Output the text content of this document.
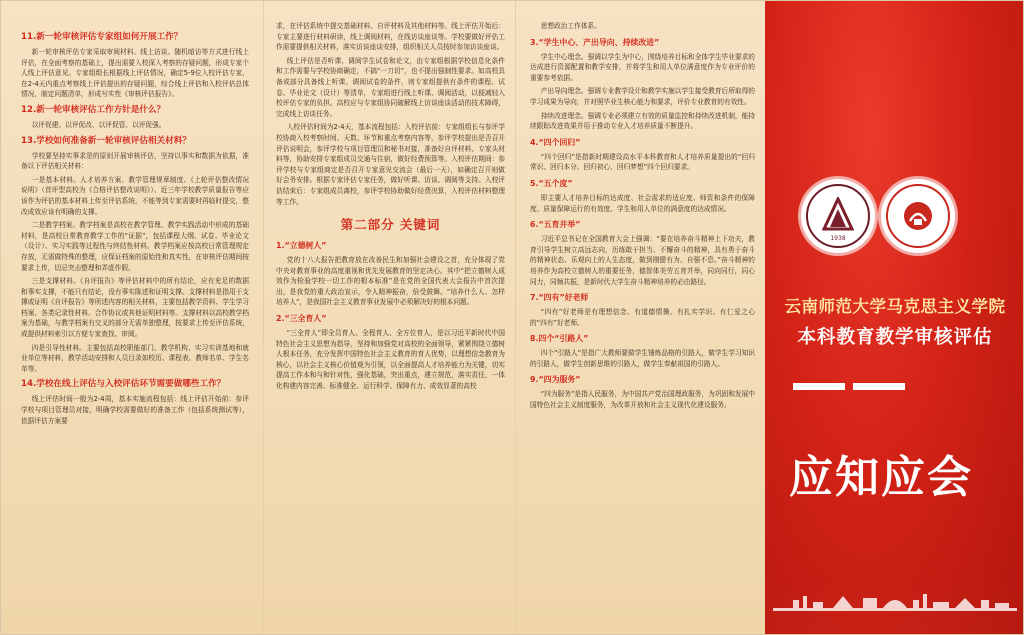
11.新一轮审核评估专家组如何开展工作？

新一轮审核评估专家采取审阅材料、线上访谈、随机暗访等方式进行线上评估，在全面考察的基础上，提出需要入校深入考察的存疑问题，形成专家个人线上评估意见。专家组组长根据线上评估情况，确定5-9位入校评估专家，在2-4天内重点考察线上评估提出的存疑问题，综合线上评估和入校评估总体情况，制定问题清单，形成写实性《审核评估报告》。

12.新一轮审核评估工作方针是什么？

以评促建、以评促改、以评促管、以评促强。

13.学校如何准备新一轮审核评估相关材料？

学校要坚持实事求是的原则开展审核评估，坚持以事实和数据为依据，准备以下评估相关材料：

一是基本材料。人才培养方案、教学管理规章制度、《上轮评估整改情况说明》（首评型高校为《合格评估整改说明》）、近三年学校教学质量报告等应该作为评估的基本材料上传至评估系统，不能等到专家需要时再临时提交，整改成效应该有明确的支撑。

二是教学档案。教学档案是高校在教学管理、教学实践活动中形成的基础材料，是高校日常教育教学工作的“证据”，包括课程大纲、试卷、毕业论文（设计）、实习实践等过程性与终结性材料。教学档案应按高校日常管理规定存放，无需做特殊的整理，应保证档案的原始性和真实性，在审核评估期间按要求上传，切忌突击整理和弄虚作假。

三是支撑材料。《自评报告》等评估材料中的所有结论，应有充足的数据和事实支撑，不能只有结论，没有事实陈述和证明支撑。支撑材料是指用于支撑或证明《自评报告》等所述内容的相关材料，主要包括教学资料、学生学习档案、各类记录性材料、合作协议或其他证明材料等。支撑材料以高校教学档案为基础，与教学档案有交叉的部分无需单独整理，按要求上传至评估系统，或提供材料索引以方便专家查找、审阅。

四是引导性材料。主要包括高校职能部门、教学机构、实习实训基地和就业单位等材料，教学活动安排和人员目录如校历、课程表、教师名单、学生名单等。

14.学校在线上评估与入校评估环节需要做哪些工作？

线上评估时间一般为2-4周，基本实施流程包括：线上评估开始前：参评学校与项目管理员对接，明确学校需要做好的准备工作（包括系统测试等），依据评估方案要

求，在评估系统中提交基础材料、自评材料及其他材料等。线上评估开始后：专家主要进行材料研读，线上调阅材料，在线访谈座谈等。学校要做好评估工作需要提供相关材料，落实访谈座谈安排，组织相关人员按时参加访谈座谈。

线上评估是否听课、调阅学生试卷和论文，由专家组根据学校信息化条件和工作需要与学校协商确定，不搞“一刀切”，也不提出强制性要求。如高校具备或部分具备线上听课、调阅试卷的条件，则专家组提供有条件的课程、试卷、毕业论文（设计）等清单，专家组进行线上听课、调阅活动，以便减轻入校评估专家的负担。高校应与专家组协同破解线上访谈座谈活动的技术障碍，完成线上访谈任务。

入校评估时间为2-4天，基本流程包括：入校评估前：专家组组长与参评学校协商入校考察时间、天数、环节和重点考察内容等，参评学校提出是否召开评估说明会，参评学校与项目管理员和秘书对接，准备好自评材料、专家头材料等，协助安排专家组成员交通与住宿，做好经费预算等。入校评估期间：参评学校与专家组商定是否召开专家意见交流会（最后一天），如确定召开则做好会务安排。根据专家评估专家任务，做好听课、访谈、调阅等支持。入校评估结束后：专家组成员离校，参评学校协助做好经费决算，入校评估材料整理等工作。

第二部分 关键词
1.“立德树人”

党的十八大报告把教育放在改善民生和加强社会建设之首，充分体现了党中央对教育事业的高度重视和优先发展教育的坚定决心。其中“把立德树人成效作为检验学校一切工作的根本标准”是在党的全国代表大会报告中首次提出，是我党的重大政治宣示，令人精神振奋，倍受鼓舞。“培养什么人、怎样培养人”，是我国社会主义教育事业发展中必须解决好的根本问题。

2.“三全育人”

“三全育人”即全员育人、全程育人、全方位育人，是以习近平新时代中国特色社会主义思想为指导，坚持和加强党对高校的全面领导，紧紧围绕立德树人根本任务，充分发挥中国特色社会主义教育的育人优势，以理想信念教育为核心，以社会主义核心价值观为引领，以全面提高人才培养能力为关键，切实提高工作本和与和针对性，强化基础，突出重点，建立规范，落实责任，一体化构建内容完善、标准健全、运行科学、保障有力、成效显著的高校

思想政治工作体系。

3.“学生中心、产出导向、持续改进”

学生中心理念。强调以学生为中心，围绕培养目标和全体学生毕业要求的达成进行资源配置和教学安排，并将学生和用人单位满意度作为专业评价的重要参考依据。

产出导向理念。强调专业教学设计和教学实施以学生接受教育后所取得的学习成果为导向，并对照毕业生核心能力和要求，评价专业教育的有效性。

持续改进理念。强调专业必须建立有效的质量监控和持续改进机制，能持续跟踪改进效果并用于推动专业人才培养质量不断提升。

4.“四个回归”

“四个回归”是指新时期建设高水平本科教育和人才培养质量提出的“回归常识、回归本分、回归初心、回归梦想”四个回归要求。

5.“五个度”

即主要人才培养目标的达成度、社会需求的适应度、师资和条件的保障度、质量保障运行的有效度、学生和用人单位的满意度的达成情况。

6.“五育并举”

习近平总书记在全国教育大会上强调：“要在培养奋斗精神上下功夫，教育引导学生树立高远志向，历练敢于担当、不懈奋斗的精神，具有勇于奋斗的精神状态、乐观向上的人生态度，做到刚健有为、自强不息。”奋斗精神的培养作为高校立德树人的重要任务，德智体美劳五育并举，同向同行，同心同力，同频共振，是新时代大学生奋斗精神培养的必由路径。

7.“四有”好老师

“四有”好老师是有理想信念、有道德情操、有扎实学识、有仁爱之心的“四有”好老师。

8.四个“引路人”

四个“引路人”是指广大教师要做学生锤炼品格的引路人，做学生学习知识的引路人，做学生创新思维的引路人，做学生奉献祖国的引路人。

9.“四为服务”

“四为服务”是指人民服务，为中国共产党治国理政服务，为巩固和发展中国特色社会主义制度服务，为改革开放和社会主义现代化建设服务。

1938
云南师范大学马克思主义学院
本科教育教学审核评估
应知应会
